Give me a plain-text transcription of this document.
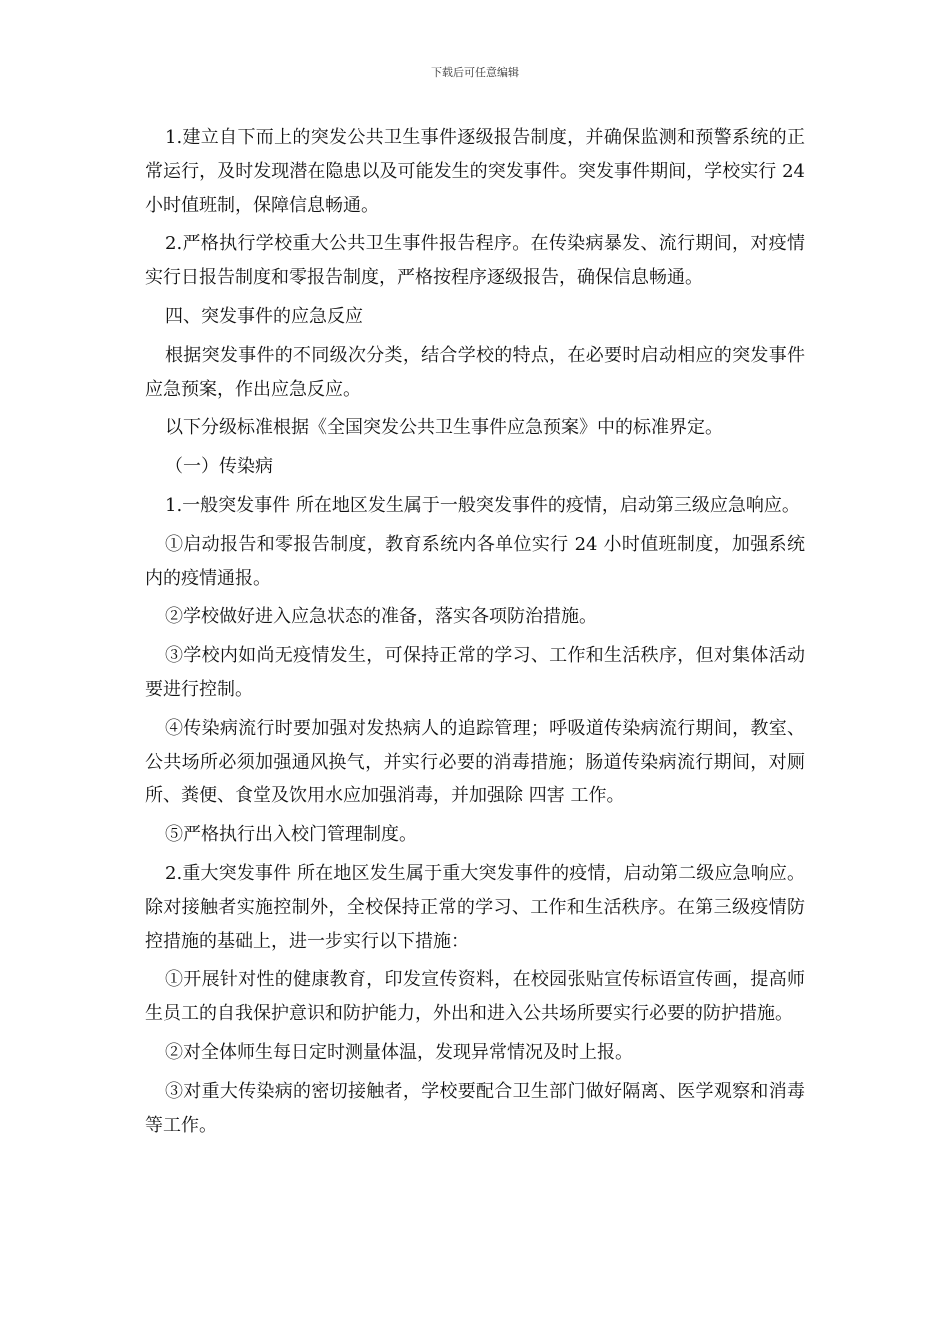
下载后可任意编辑

1.建立自下而上的突发公共卫生事件逐级报告制度，并确保监测和预警系统的正常运行，及时发现潜在隐患以及可能发生的突发事件。突发事件期间，学校实行 24 小时值班制，保障信息畅通。

2.严格执行学校重大公共卫生事件报告程序。在传染病暴发、流行期间，对疫情实行日报告制度和零报告制度，严格按程序逐级报告，确保信息畅通。

四、突发事件的应急反应

根据突发事件的不同级次分类，结合学校的特点，在必要时启动相应的突发事件应急预案，作出应急反应。

以下分级标准根据《全国突发公共卫生事件应急预案》中的标准界定。

（一）传染病

1.一般突发事件 所在地区发生属于一般突发事件的疫情，启动第三级应急响应。

①启动报告和零报告制度，教育系统内各单位实行 24 小时值班制度，加强系统内的疫情通报。

②学校做好进入应急状态的准备，落实各项防治措施。

③学校内如尚无疫情发生，可保持正常的学习、工作和生活秩序，但对集体活动要进行控制。

④传染病流行时要加强对发热病人的追踪管理；呼吸道传染病流行期间，教室、公共场所必须加强通风换气，并实行必要的消毒措施；肠道传染病流行期间，对厕所、粪便、食堂及饮用水应加强消毒，并加强除 四害 工作。

⑤严格执行出入校门管理制度。

2.重大突发事件 所在地区发生属于重大突发事件的疫情，启动第二级应急响应。除对接触者实施控制外，全校保持正常的学习、工作和生活秩序。在第三级疫情防控措施的基础上，进一步实行以下措施：

①开展针对性的健康教育，印发宣传资料，在校园张贴宣传标语宣传画，提高师生员工的自我保护意识和防护能力，外出和进入公共场所要实行必要的防护措施。

②对全体师生每日定时测量体温，发现异常情况及时上报。

③对重大传染病的密切接触者，学校要配合卫生部门做好隔离、医学观察和消毒等工作。
